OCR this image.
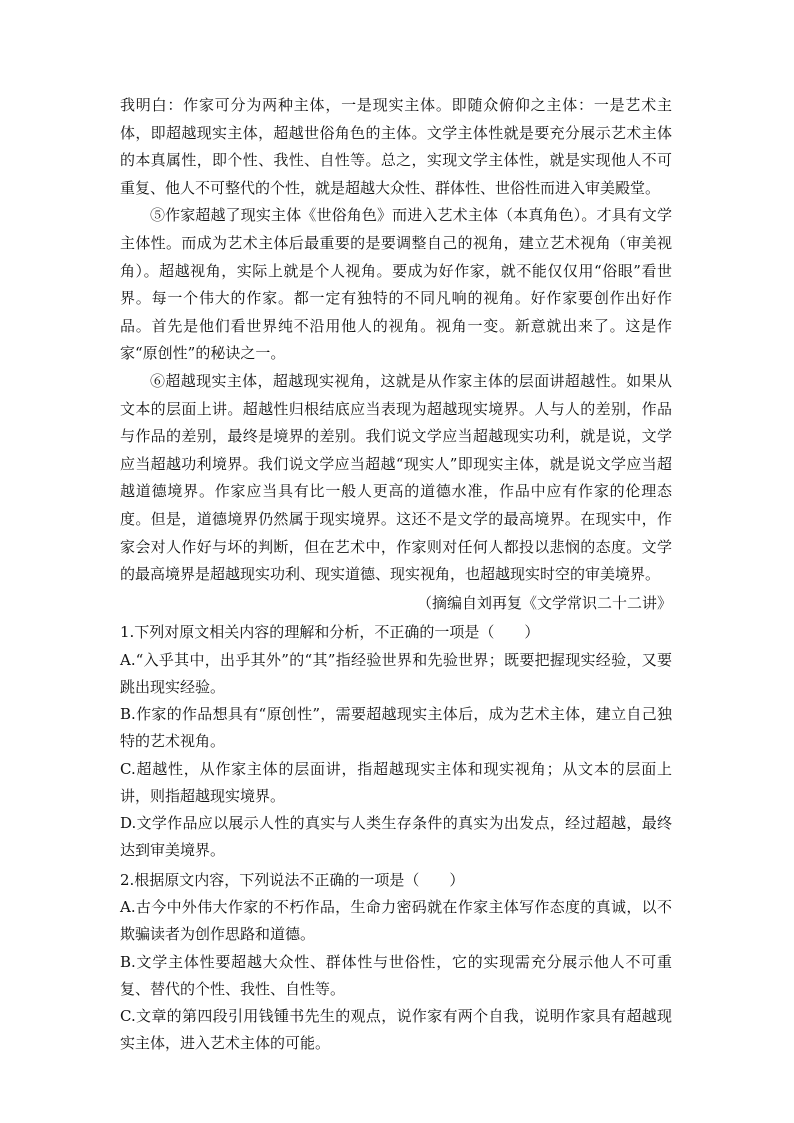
我明白：作家可分为两种主体，一是现实主体。即随众俯仰之主体：一是艺术主体，即超越现实主体，超越世俗角色的主体。文学主体性就是要充分展示艺术主体的本真属性，即个性、我性、自性等。总之，实现文学主体性，就是实现他人不可重复、他人不可整代的个性，就是超越大众性、群体性、世俗性而进入审美殿堂。

⑤作家超越了现实主体《世俗角色》而进入艺术主体（本真角色）。才具有文学主体性。而成为艺术主体后最重要的是要调整自己的视角，建立艺术视角（审美视角）。超越视角，实际上就是个人视角。要成为好作家，就不能仅仅用“俗眼”看世界。每一个伟大的作家。都一定有独特的不同凡响的视角。好作家要创作出好作品。首先是他们看世界纯不沿用他人的视角。视角一变。新意就出来了。这是作家“原创性”的秘诀之一。

⑥超越现实主体，超越现实视角，这就是从作家主体的层面讲超越性。如果从文本的层面上讲。超越性归根结底应当表现为超越现实境界。人与人的差别，作品与作品的差别，最终是境界的差别。我们说文学应当超越现实功利，就是说，文学应当超越功利境界。我们说文学应当超越“现实人”即现实主体，就是说文学应当超越道德境界。作家应当具有比一般人更高的道德水准，作品中应有作家的伦理态度。但是，道德境界仍然属于现实境界。这还不是文学的最高境界。在现实中，作家会对人作好与坏的判断，但在艺术中，作家则对任何人都投以悲悯的态度。文学的最高境界是超越现实功利、现实道德、现实视角，也超越现实时空的审美境界。

（摘编自刘再复《文学常识二十二讲》

1.下列对原文相关内容的理解和分析，不正确的一项是（　　）

A.“入乎其中，出乎其外”的“其”指经验世界和先验世界；既要把握现实经验，又要跳出现实经验。

B.作家的作品想具有“原创性”，需要超越现实主体后，成为艺术主体，建立自己独特的艺术视角。

C.超越性，从作家主体的层面讲，指超越现实主体和现实视角；从文本的层面上讲，则指超越现实境界。

D.文学作品应以展示人性的真实与人类生存条件的真实为出发点，经过超越，最终达到审美境界。

2.根据原文内容，下列说法不正确的一项是（　　）

A.古今中外伟大作家的不朽作品，生命力密码就在作家主体写作态度的真诚，以不欺骗读者为创作思路和道德。

B.文学主体性要超越大众性、群体性与世俗性，它的实现需充分展示他人不可重复、替代的个性、我性、自性等。

C.文章的第四段引用钱锺书先生的观点，说作家有两个自我，说明作家具有超越现实主体，进入艺术主体的可能。
